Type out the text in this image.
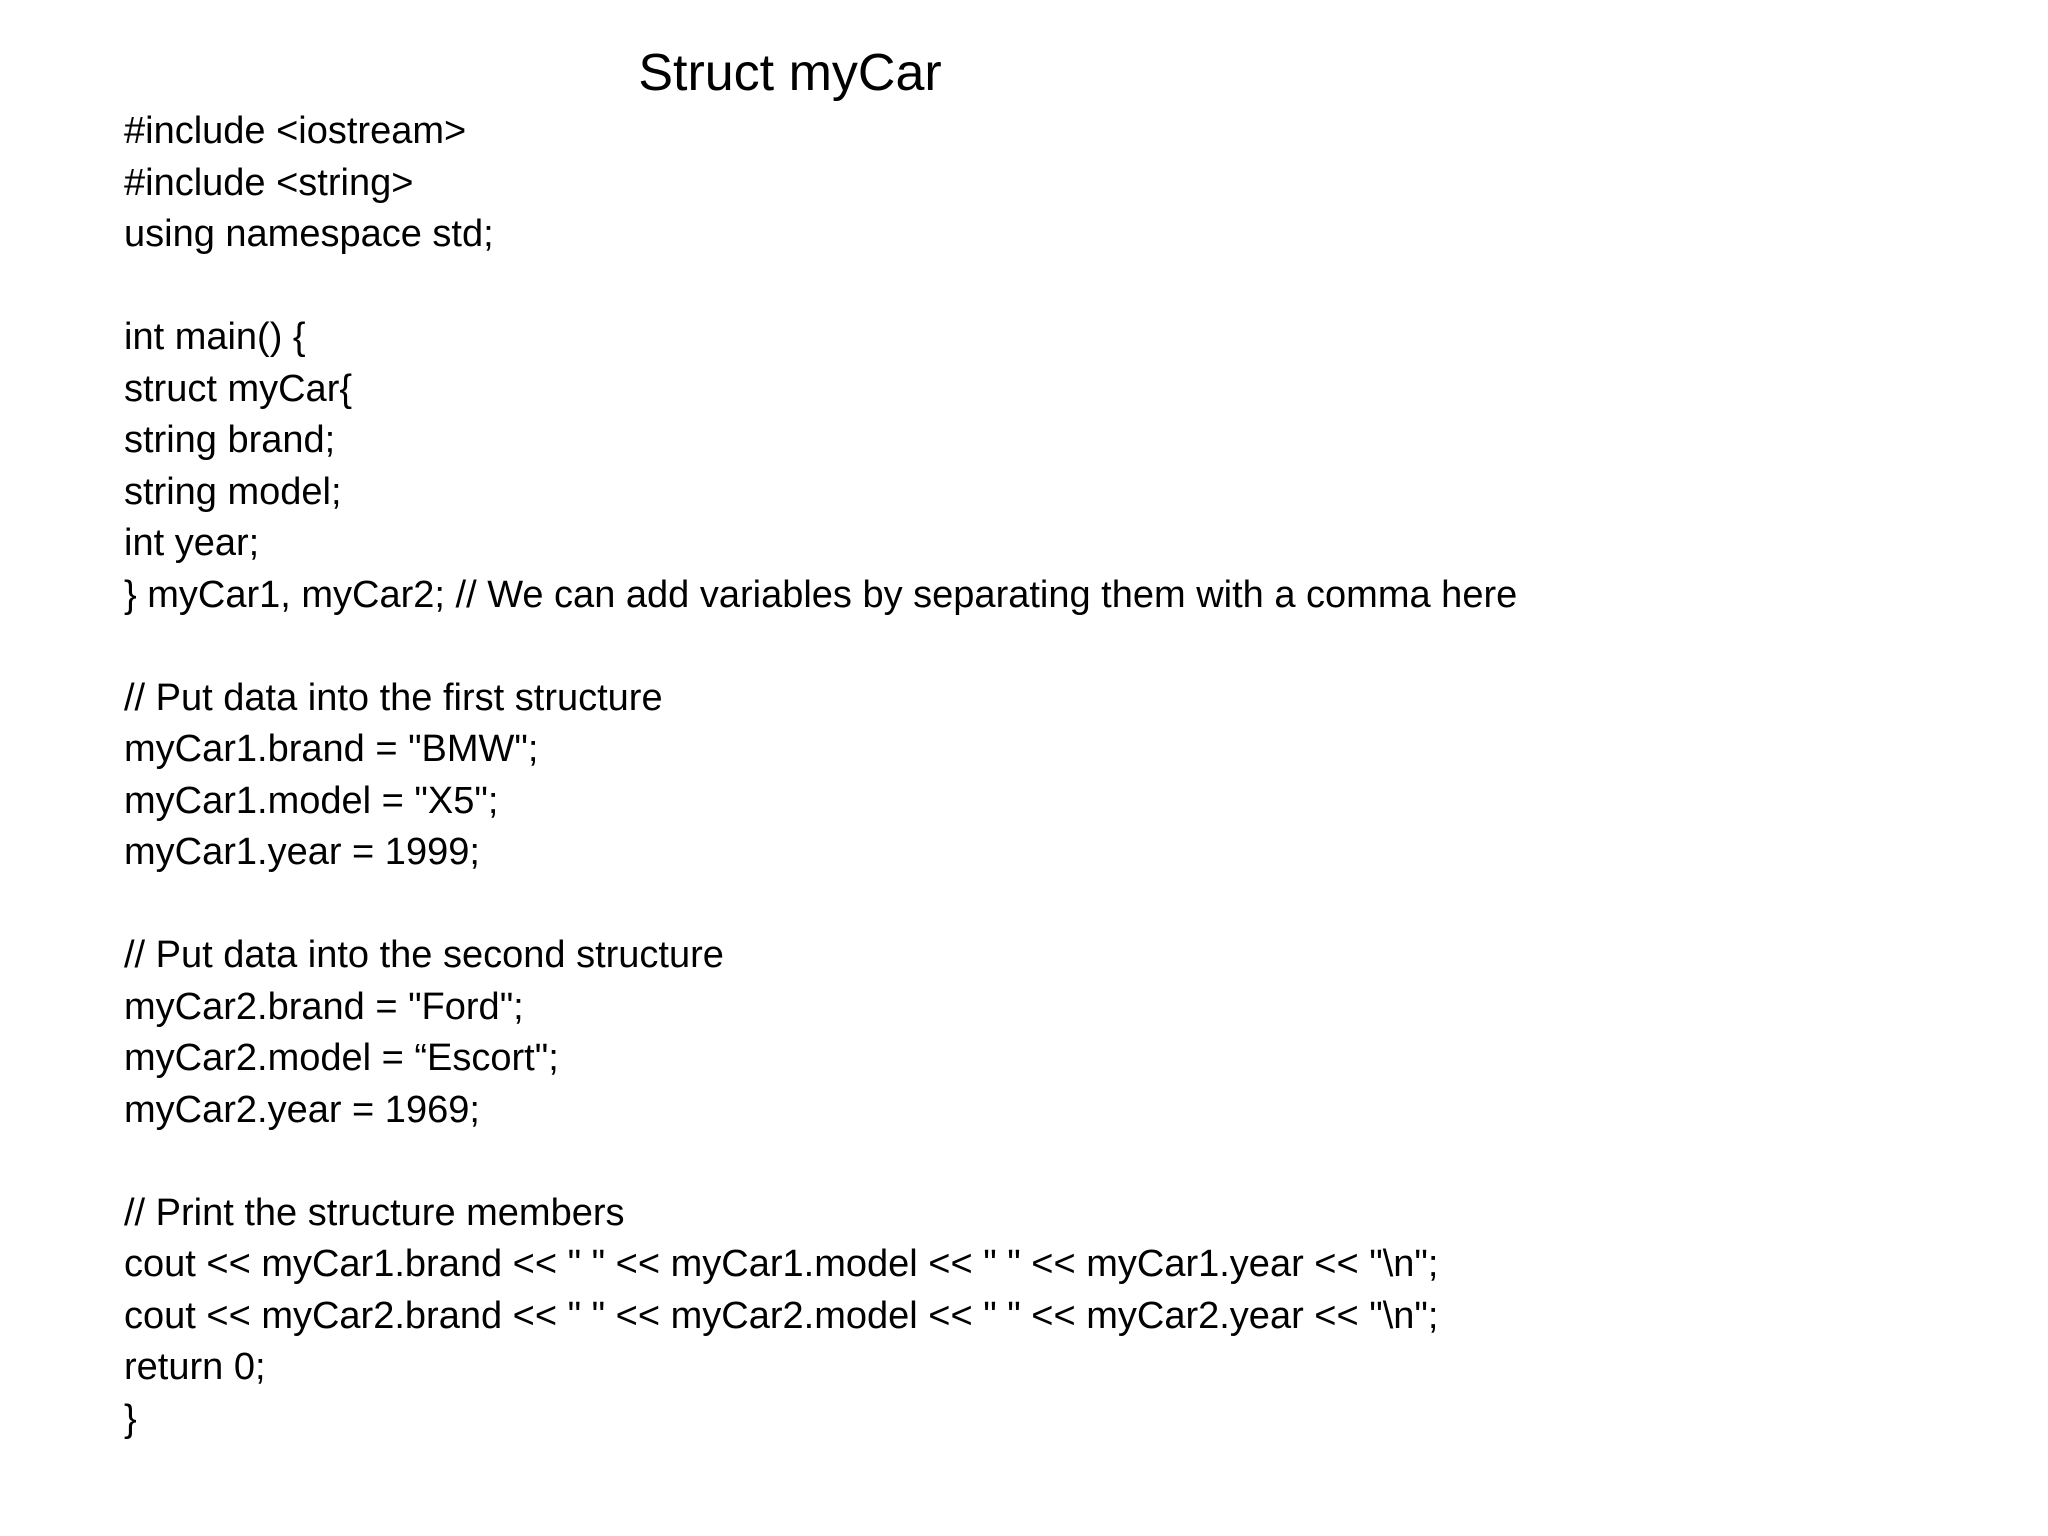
Struct myCar
#include <iostream>
#include <string>
using namespace std;
int main() {
struct myCar{
string brand;
string model;
int year;
} myCar1, myCar2; // We can add variables by separating them with a comma here
// Put data into the first structure
myCar1.brand = "BMW";
myCar1.model = "X5";
myCar1.year = 1999;
// Put data into the second structure
myCar2.brand = "Ford";
myCar2.model = “Escort";
myCar2.year = 1969;
// Print the structure members
cout << myCar1.brand << " " << myCar1.model << " " << myCar1.year << "\n";
cout << myCar2.brand << " " << myCar2.model << " " << myCar2.year << "\n";
return 0;
}
